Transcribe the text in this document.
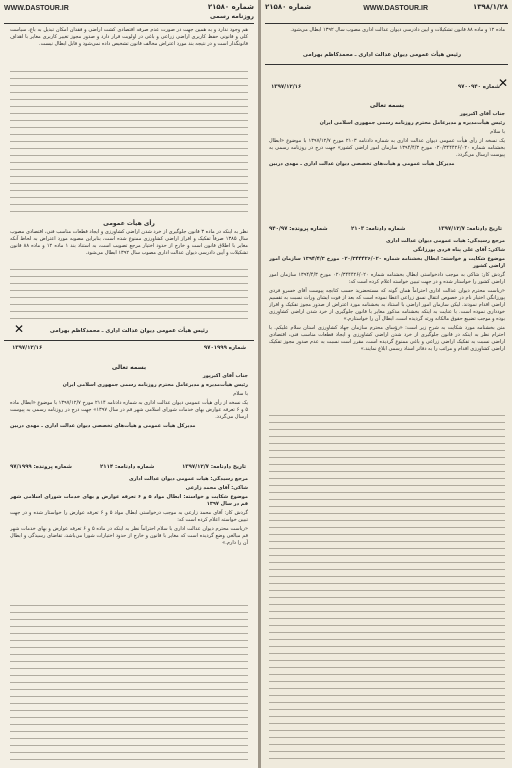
WWW.DASTOUR.IR	شماره ۲۱۵۸۰
روزنامه رسمی

هم وجود ندارد و به همین جهت در صورت عدم صرفه اقتصادی کشت اراضی و فقدان امکان تبدیل به باغ، سیاست کلی و قانونی حفظ کاربری اراضی زراعی و باغی در اولویت قرار دارد و صدور مجوز تغییر کاربری مغایر با اهداف قانونگذار است و در نتیجه بند مورد اعتراض مخالف قانون تشخیص داده نمی‌شود و قابل ابطال نیست.

رأی هیأت عمومی

نظر به اینکه در ماده ۳ قانون جلوگیری از خرد شدن اراضی کشاورزی و ایجاد قطعات مناسب فنی، اقتصادی مصوب سال ۱۳۸۵ صرفاً تفکیک و افراز اراضی کشاورزی ممنوع شده است، بنابراین مصوبه مورد اعتراض به لحاظ آنکه مغایر با اطلاق قانون است و خارج از حدود اختیار مرجع تصویب است، به استناد بند ۱ ماده ۱۲ و ماده ۸۸ قانون تشکیلات و آیین دادرسی دیوان عدالت اداری مصوب سال ۱۳۹۲ ابطال می‌شود.

رئیس هیأت عمومی دیوان عدالت اداری ـ محمدکاظم بهرامی
✕
۱۳۹۷/۱۲/۱۶	شماره ۹۷۰۱۹۹۹
بسمه تعالی

جناب آقای اکبرپور

رئیس هیأت‌مدیره و مدیرعامل محترم روزنامه رسمی جمهوری اسلامی ایران

با سلام

یک نسخه از رأی هیأت عمومی دیوان عدالت اداری به شماره دادنامه ۲۱۱۴ مورخ ۱۳۹۷/۱۲/۷ با موضوع «ابطال ماده ۵ و ۶ تعرفه عوارض بهای خدمات شورای اسلامی شهر قم در سال ۱۳۹۷» جهت درج در روزنامه رسمی به پیوست ارسال می‌گردد.

مدیرکل هیأت عمومی و هیأت‌های تخصصی دیوان عدالت اداری ـ مهدی دربین

تاریخ دادنامه: ۱۳۹۷/۱۲/۷
شماره دادنامه: ۲۱۱۴
شماره پرونده: ۹۷/۱۹۹۹

مرجع رسیدگی: هیأت عمومی دیوان عدالت اداری

شاکی: آقای محمد زارعی

موضوع شکایت و خواسته: ابطال مواد ۵ و ۶ تعرفه عوارض و بهای خدمات شورای اسلامی شهر قم در سال ۱۳۹۷

گردش کار: آقای محمد زارعی به موجب درخواستی ابطال مواد ۵ و ۶ تعرفه عوارض را خواستار شده و در جهت تبیین خواسته اعلام کرده است که:

«ریاست محترم دیوان عدالت اداری با سلام احتراماً نظر به اینکه در ماده ۵ و ۶ تعرفه عوارض و بهای خدمات شهر قم مبالغی وضع گردیده است که مغایر با قانون و خارج از حدود اختیارات شورا می‌باشد، تقاضای رسیدگی و ابطال آن را دارم.»

WWW.DASTOUR.IR
شماره ۲۱۵۸۰	۱۳۹۸/۱/۲۸

ماده ۱۲ و ماده ۸۸ قانون تشکیلات و آیین دادرسی دیوان عدالت اداری مصوب سال ۱۳۹۲ ابطال می‌شود.

رئیس هیأت عمومی دیوان عدالت اداری ـ محمدکاظم بهرامی
۱۳۹۷/۱۲/۱۶	شماره ۹۷۰۰۹۴۰
✕
بسمه تعالی

جناب آقای اکبرپور

رئیس هیأت‌مدیره و مدیرعامل محترم روزنامه رسمی جمهوری اسلامی ایران

با سلام

یک نسخه از رأی هیأت عمومی دیوان عدالت اداری به شماره دادنامه ۲۱۰۳ مورخ ۱۳۹۷/۱۲/۷ با موضوع «ابطال بخشنامه شماره ۰۲۰/۳۴۴۴۲۶/۰۲۰ مورخ ۱۳۹۴/۴/۳ سازمان امور اراضی کشور» جهت درج در روزنامه رسمی به پیوست ارسال می‌گردد.

مدیرکل هیأت عمومی و هیأت‌های تخصصی دیوان عدالت اداری ـ مهدی دربین

تاریخ دادنامه: ۱۳۹۷/۱۲/۷
شماره دادنامه: ۲۱۰۳
شماره پرونده: ۹۴۰/۹۷

مرجع رسیدگی: هیأت عمومی دیوان عدالت اداری

شاکی: آقای علی پناه فردی پورزانگی

موضوع شکایت و خواسته: ابطال بخشنامه شماره ۰۲۰/۳۴۴۴۲۶/۰۲۰ مورخ ۱۳۹۴/۴/۳ سازمان امور اراضی کشور

گردش کار: شاکی به موجب دادخواستی ابطال بخشنامه شماره ۰۲۰/۳۴۴۴۲۶/۰۲۰ مورخ ۱۳۹۴/۴/۳ سازمان امور اراضی کشور را خواستار شده و در جهت تبیین خواسته اعلام کرده است که:

«ریاست محترم دیوان عدالت اداری احتراماً همان گونه که مستحضرید حسب کتابچه پیوست آقای خسرو فردی پورزانگی اختیار نام در خصوص انتقال نسق زراعی اعطا نموده است که بعد از فوت ایشان وراث نسبت به تقسیم اراضی اقدام نمودند. لیکن سازمان امور اراضی با استناد به بخشنامه مورد اعتراض از صدور مجوز تفکیک و افراز خودداری نموده است. با عنایت به اینکه بخشنامه مذکور مغایر با قانون جلوگیری از خرد شدن اراضی کشاورزی بوده و موجب تضییع حقوق مالکانه ورثه گردیده است، ابطال آن را خواستارم.»

متن بخشنامه مورد شکایت به شرح زیر است: «رؤسای محترم سازمان جهاد کشاورزی استان سلام علیکم. با احترام نظر به اینکه در قانون جلوگیری از خرد شدن اراضی کشاورزی و ایجاد قطعات مناسب فنی، اقتصادی اراضی نسبت به تفکیک اراضی زراعی و باغی ممنوع گردیده است، مقرر است نسبت به عدم صدور مجوز تفکیک اراضی کشاورزی اقدام و مراتب را به دفاتر اسناد رسمی ابلاغ نمایند.»
